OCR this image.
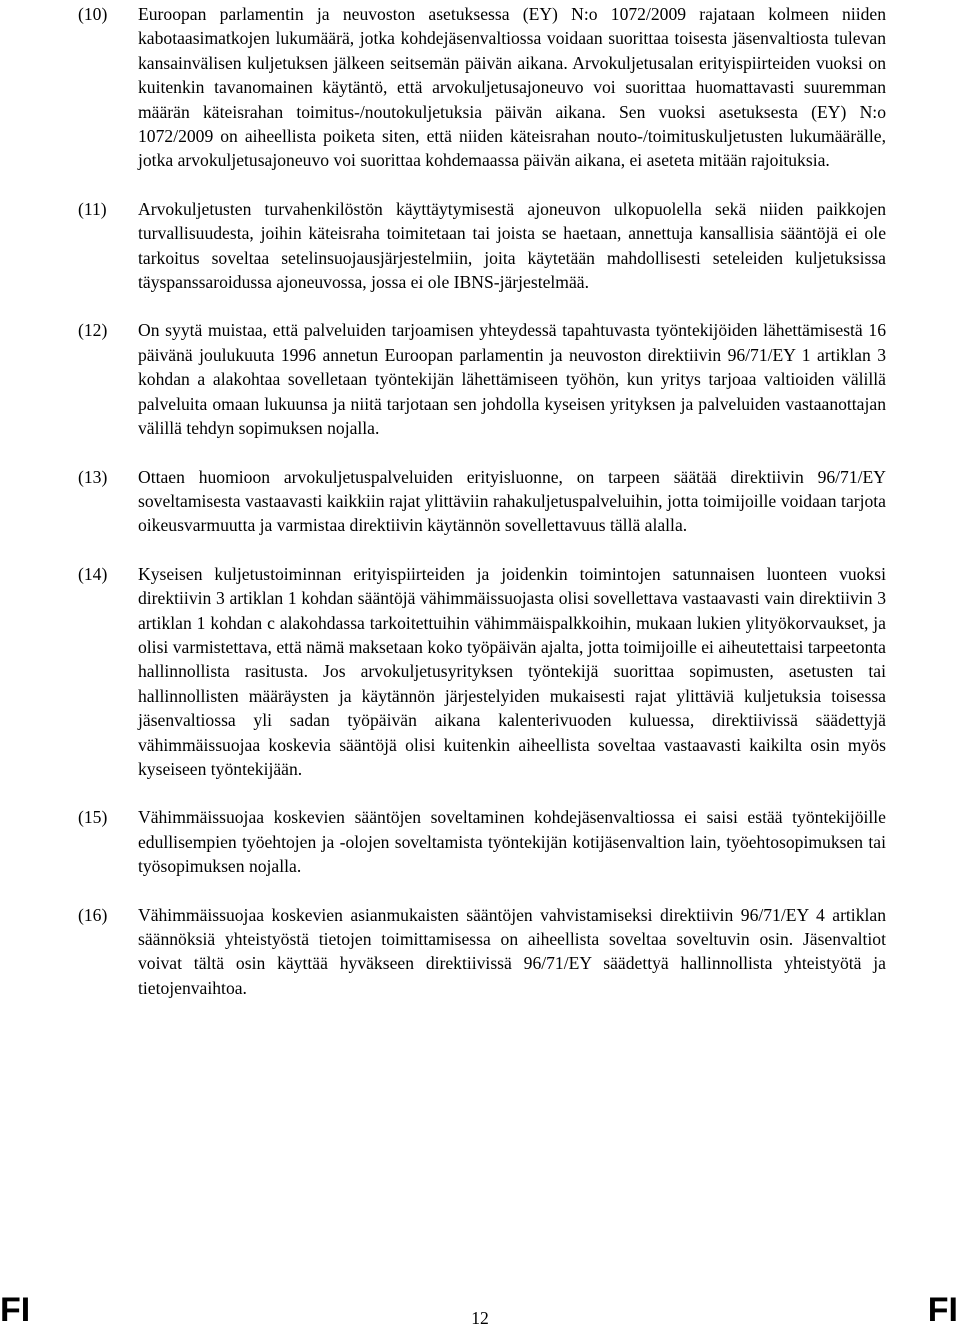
(10)	Euroopan parlamentin ja neuvoston asetuksessa (EY) N:o 1072/2009 rajataan kolmeen niiden kabotaasimatkojen lukumäärä, jotka kohdejäsenvaltiossa voidaan suorittaa toisesta jäsenvaltiosta tulevan kansainvälisen kuljetuksen jälkeen seitsemän päivän aikana. Arvokuljetusalan erityispiirteiden vuoksi on kuitenkin tavanomainen käytäntö, että arvokuljetusajoneuvo voi suorittaa huomattavasti suuremman määrän käteisrahan toimitus-/noutokuljetuksia päivän aikana. Sen vuoksi asetuksesta (EY) N:o 1072/2009 on aiheellista poiketa siten, että niiden käteisrahan nouto-/toimituskuljetusten lukumäärälle, jotka arvokuljetusajoneuvo voi suorittaa kohdemaassa päivän aikana, ei aseteta mitään rajoituksia.
(11)	Arvokuljetusten turvahenkilöstön käyttäytymisestä ajoneuvon ulkopuolella sekä niiden paikkojen turvallisuudesta, joihin käteisraha toimitetaan tai joista se haetaan, annettuja kansallisia sääntöjä ei ole tarkoitus soveltaa setelinsuojausjärjestelmiin, joita käytetään mahdollisesti seteleiden kuljetuksissa täyspanssaroidussa ajoneuvossa, jossa ei ole IBNS-järjestelmää.
(12)	On syytä muistaa, että palveluiden tarjoamisen yhteydessä tapahtuvasta työntekijöiden lähettämisestä 16 päivänä joulukuuta 1996 annetun Euroopan parlamentin ja neuvoston direktiivin 96/71/EY 1 artiklan 3 kohdan a alakohtaa sovelletaan työntekijän lähettämiseen työhön, kun yritys tarjoaa valtioiden välillä palveluita omaan lukuunsa ja niitä tarjotaan sen johdolla kyseisen yrityksen ja palveluiden vastaanottajan välillä tehdyn sopimuksen nojalla.
(13)	Ottaen huomioon arvokuljetuspalveluiden erityisluonne, on tarpeen säätää direktiivin 96/71/EY soveltamisesta vastaavasti kaikkiin rajat ylittäviin rahakuljetuspalveluihin, jotta toimijoille voidaan tarjota oikeusvarmuutta ja varmistaa direktiivin käytännön sovellettavuus tällä alalla.
(14)	Kyseisen kuljetustoiminnan erityispiirteiden ja joidenkin toimintojen satunnaisen luonteen vuoksi direktiivin 3 artiklan 1 kohdan sääntöjä vähimmäissuojasta olisi sovellettava vastaavasti vain direktiivin 3 artiklan 1 kohdan c alakohdassa tarkoitettuihin vähimmäispalkkoihin, mukaan lukien ylityökorvaukset, ja olisi varmistettava, että nämä maksetaan koko työpäivän ajalta, jotta toimijoille ei aiheutettaisi tarpeetonta hallinnollista rasitusta. Jos arvokuljetusyrityksen työntekijä suorittaa sopimusten, asetusten tai hallinnollisten määräysten ja käytännön järjestelyiden mukaisesti rajat ylittäviä kuljetuksia toisessa jäsenvaltiossa yli sadan työpäivän aikana kalenterivuoden kuluessa, direktiivissä säädettyjä vähimmäissuojaa koskevia sääntöjä olisi kuitenkin aiheellista soveltaa vastaavasti kaikilta osin myös kyseiseen työntekijään.
(15)	Vähimmäissuojaa koskevien sääntöjen soveltaminen kohdejäsenvaltiossa ei saisi estää työntekijöille edullisempien työehtojen ja -olojen soveltamista työntekijän kotijäsenvaltion lain, työehtosopimuksen tai työsopimuksen nojalla.
(16)	Vähimmäissuojaa koskevien asianmukaisten sääntöjen vahvistamiseksi direktiivin 96/71/EY 4 artiklan säännöksiä yhteistyöstä tietojen toimittamisessa on aiheellista soveltaa soveltuvin osin. Jäsenvaltiot voivat tältä osin käyttää hyväkseen direktiivissä 96/71/EY säädettyä hallinnollista yhteistyötä ja tietojenvaihtoa.
FI	12	FI
